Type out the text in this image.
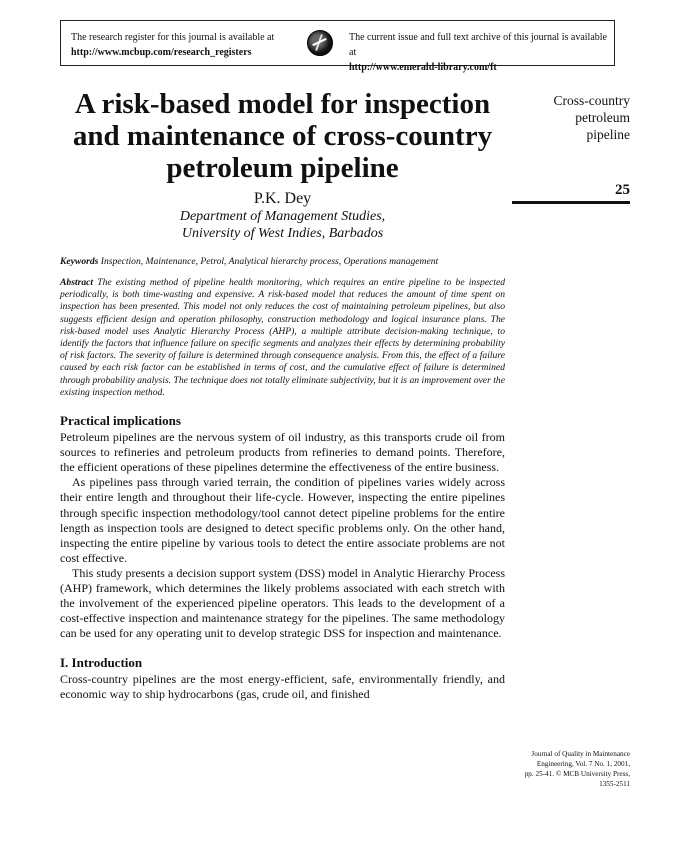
The research register for this journal is available at
http://www.mcbup.com/research_registers
The current issue and full text archive of this journal is available at
http://www.emerald-library.com/ft
A risk-based model for inspection and maintenance of cross-country petroleum pipeline
P.K. Dey
Department of Management Studies,
University of West Indies, Barbados
Keywords Inspection, Maintenance, Petrol, Analytical hierarchy process, Operations management
Abstract The existing method of pipeline health monitoring, which requires an entire pipeline to be inspected periodically, is both time-wasting and expensive. A risk-based model that reduces the amount of time spent on inspection has been presented. This model not only reduces the cost of maintaining petroleum pipelines, but also suggests efficient design and operation philosophy, construction methodology and logical insurance plans. The risk-based model uses Analytic Hierarchy Process (AHP), a multiple attribute decision-making technique, to identify the factors that influence failure on specific segments and analyzes their effects by determining probability of risk factors. The severity of failure is determined through consequence analysis. From this, the effect of a failure caused by each risk factor can be established in terms of cost, and the cumulative effect of failure is determined through probability analysis. The technique does not totally eliminate subjectivity, but it is an improvement over the existing inspection method.
Practical implications

Petroleum pipelines are the nervous system of oil industry, as this transports crude oil from sources to refineries and petroleum products from refineries to demand points. Therefore, the efficient operations of these pipelines determine the effectiveness of the entire business.

As pipelines pass through varied terrain, the condition of pipelines varies widely across their entire length and throughout their life-cycle. However, inspecting the entire pipelines through specific inspection methodology/tool cannot detect pipeline problems for the entire length as inspection tools are designed to detect specific problems only. On the other hand, inspecting the entire pipeline by various tools to detect the entire associate problems are not cost effective.

This study presents a decision support system (DSS) model in Analytic Hierarchy Process (AHP) framework, which determines the likely problems associated with each stretch with the involvement of the experienced pipeline operators. This leads to the development of a cost-effective inspection and maintenance strategy for the pipelines. The same methodology can be used for any operating unit to develop strategic DSS for inspection and maintenance.

I. Introduction

Cross-country pipelines are the most energy-efficient, safe, environmentally friendly, and economic way to ship hydrocarbons (gas, crude oil, and finished

Cross-country
petroleum
pipeline
25
Journal of Quality in Maintenance
Engineering, Vol. 7 No. 1, 2001,
pp. 25-41. © MCB University Press,
1355-2511
